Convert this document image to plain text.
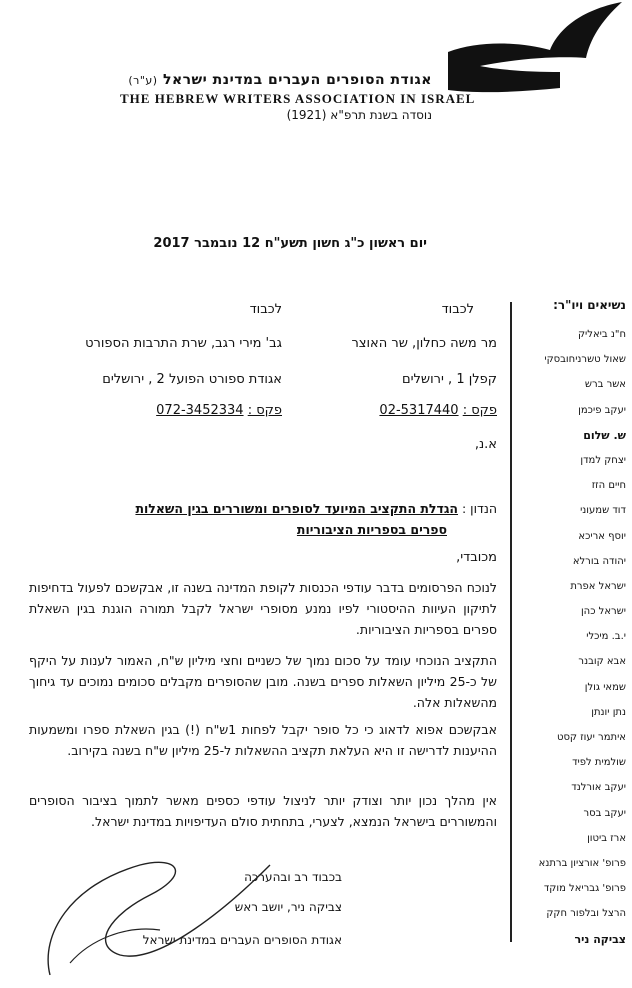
אגודת הסופרים העברים במדינת ישראל (ע"ר)
THE HEBREW WRITERS ASSOCIATION IN ISRAEL
נוסדה בשנת תרפ"א (1921)
יום ראשון כ"ג חשון תשע"ח 12 נובמבר 2017
לכבוד
מר משה כחלון, שר האוצר
קפלן 1 , ירושלים
פקס : 02-5317440
לכבוד
גב' מירי רגב, שרת התרבות הספורט
אגודת ספורט הפועל 2 , ירושלים
פקס : 072-3452334
א.נ,
הנדון : הגדלת התקציב המיועד לסופרים ומשוררים בגין השאלות
ספרים בספריות הציבוריות
מכובדי,
לנוכח הפרסומים בדבר עודפי הכנסות לקופת המדינה בשנה זו, אבקשכם לפעול בדחיפות לתיקון העיוות ההיסטורי לפיו נמנע מסופרי ישראל לקבל תמורה הוגנת בגין השאלת ספרים בספריות הציבוריות.
התקציב הנוכחי עומד על סכום נמוך של כשניים וחצי מיליון ש"ח, האמור לענות על היקף של כ-25 מיליון השאלות ספרים בשנה. מובן שהסופרים מקבלים סכומים נמוכים עד גיחוך מהשאלות אלה.
אבקשכם אפוא לדאוג כי כל סופר יקבל לפחות 1ש"ח (!) בגין השאלת ספרו ומשמעות ההיענות לדרישה זו היא העלאת תקציב ההשאלות ל-25 מיליון ש"ח בשנה בקירוב.
אין מהלך נכון יותר וצודק יותר לניצול עודפי כספים מאשר לתמוך בציבור הסופרים והמשוררים בישראל הנמצא, לצערי, בתחתית סולם העדיפויות במדינת ישראל.
בכבוד רב ובהערכה
צביקה ניר, יושב ראש
אגודת הסופרים העברים במדינת ישראל
נשיאים ויו"ר:
ח"נ ביאליק
שאול טשרניחובסקי
אשר ברש
יעקב פיכמן
ש. שלום
יצחק למדן
חיים הזז
דוד שמעוני
יוסף אריכא
יהודה בורלא
ישראל אפרת
ישראל כהן
י.ב. מיכלי
אבא קובנר
שמאי גולן
נתן יונתן
איתמר יעוז קסט
שולמית לפיד
יעקב אורלנד
יעקב בסר
ארז ביטון
פרופ' אורציון ברתנא
פרופ' גבריאל מוקד
הרצל ובלפור חקק
צביקה ניר
